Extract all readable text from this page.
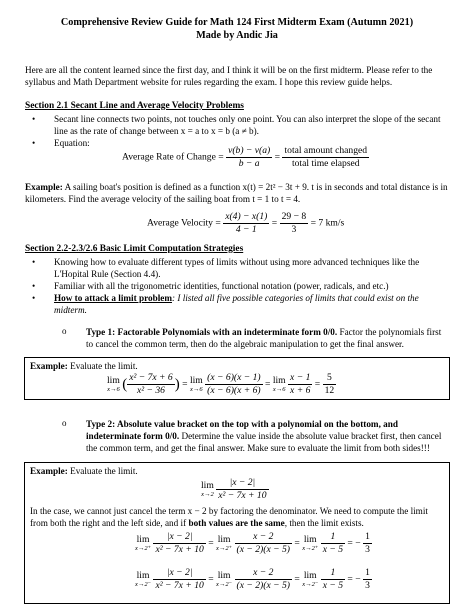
Comprehensive Review Guide for Math 124 First Midterm Exam (Autumn 2021)
Made by Andic Jia
Here are all the content learned since the first day, and I think it will be on the first midterm. Please refer to the syllabus and Math Department website for rules regarding the exam. I hope this review guide helps.
Section 2.1 Secant Line and Average Velocity Problems
• Secant line connects two points, not touches only one point. You can also interpret the slope of the secant line as the rate of change between x = a to x = b (a ≠ b).
• Equation:
Average Rate of Change = $\frac{v(b) - v(a)}{b - a} = \frac{\text{total amount changed}}{\text{total time elapsed}}$
Example: A sailing boat's position is defined as a function x(t) = 2t² − 3t + 9. t is in seconds and total distance is in kilometers. Find the average velocity of the sailing boat from t = 1 to t = 4.
Average Velocity = $\frac{x(4) - x(1)}{4 - 1} = \frac{29 - 8}{3} = 7$ km/s
Section 2.2-2.3/2.6 Basic Limit Computation Strategies
• Knowing how to evaluate different types of limits without using more advanced techniques like the L'Hopital Rule (Section 4.4).
• Familiar with all the trigonometric identities, functional notation (power, radicals, and etc.)
• How to attack a limit problem: I listed all five possible categories of limits that could exist on the midterm.
o Type 1: Factorable Polynomials with an indeterminate form 0/0. Factor the polynomials first to cancel the common term, then do the algebraic manipulation to get the final answer.
Example: Evaluate the limit.
lim
x→6 ( $\frac{\text{x² − 7x + 6}}{\text{x² − 36}}$ ) = lim
x→6
$\frac{(x - 6)(x - 1)}{(x - 6)(x + 6)} = \lim$
x→6
$\frac{x - 1}{x + 6} = \frac{5}{12}$
o Type 2: Absolute value bracket on the top with a polynomial on the bottom, and indeterminate form 0/0. Determine the value inside the absolute value bracket first, then cancel the common term, and get the final answer. Make sure to evaluate the limit from both sides!!!
Example: Evaluate the limit.
lim
x→2
$\frac{|x - 2|}{\text{x² − 7x + 10}}$
In the case, we cannot just cancel the term x − 2 by factoring the denominator. We need to compute the limit from both the right and the left side, and if both values are the same, then the limit exists.
lim
x→2⁺
$\frac{|x - 2|}{\text{x² − 7x + 10}} = \lim$
x→2⁺
$\frac{x - 2}{(x - 2)(x - 5)} = \lim$
x→2⁺
$\frac{1}{x - 5}$ = − $\frac{1}{3}$
lim
x→2⁻
$\frac{|x - 2|}{\text{x² − 7x + 10}} = \lim$
x→2⁻
$\frac{x - 2}{(x - 2)(x - 5)} = \lim$
x→2⁻
$\frac{1}{x - 5}$ = − $\frac{1}{3}$
